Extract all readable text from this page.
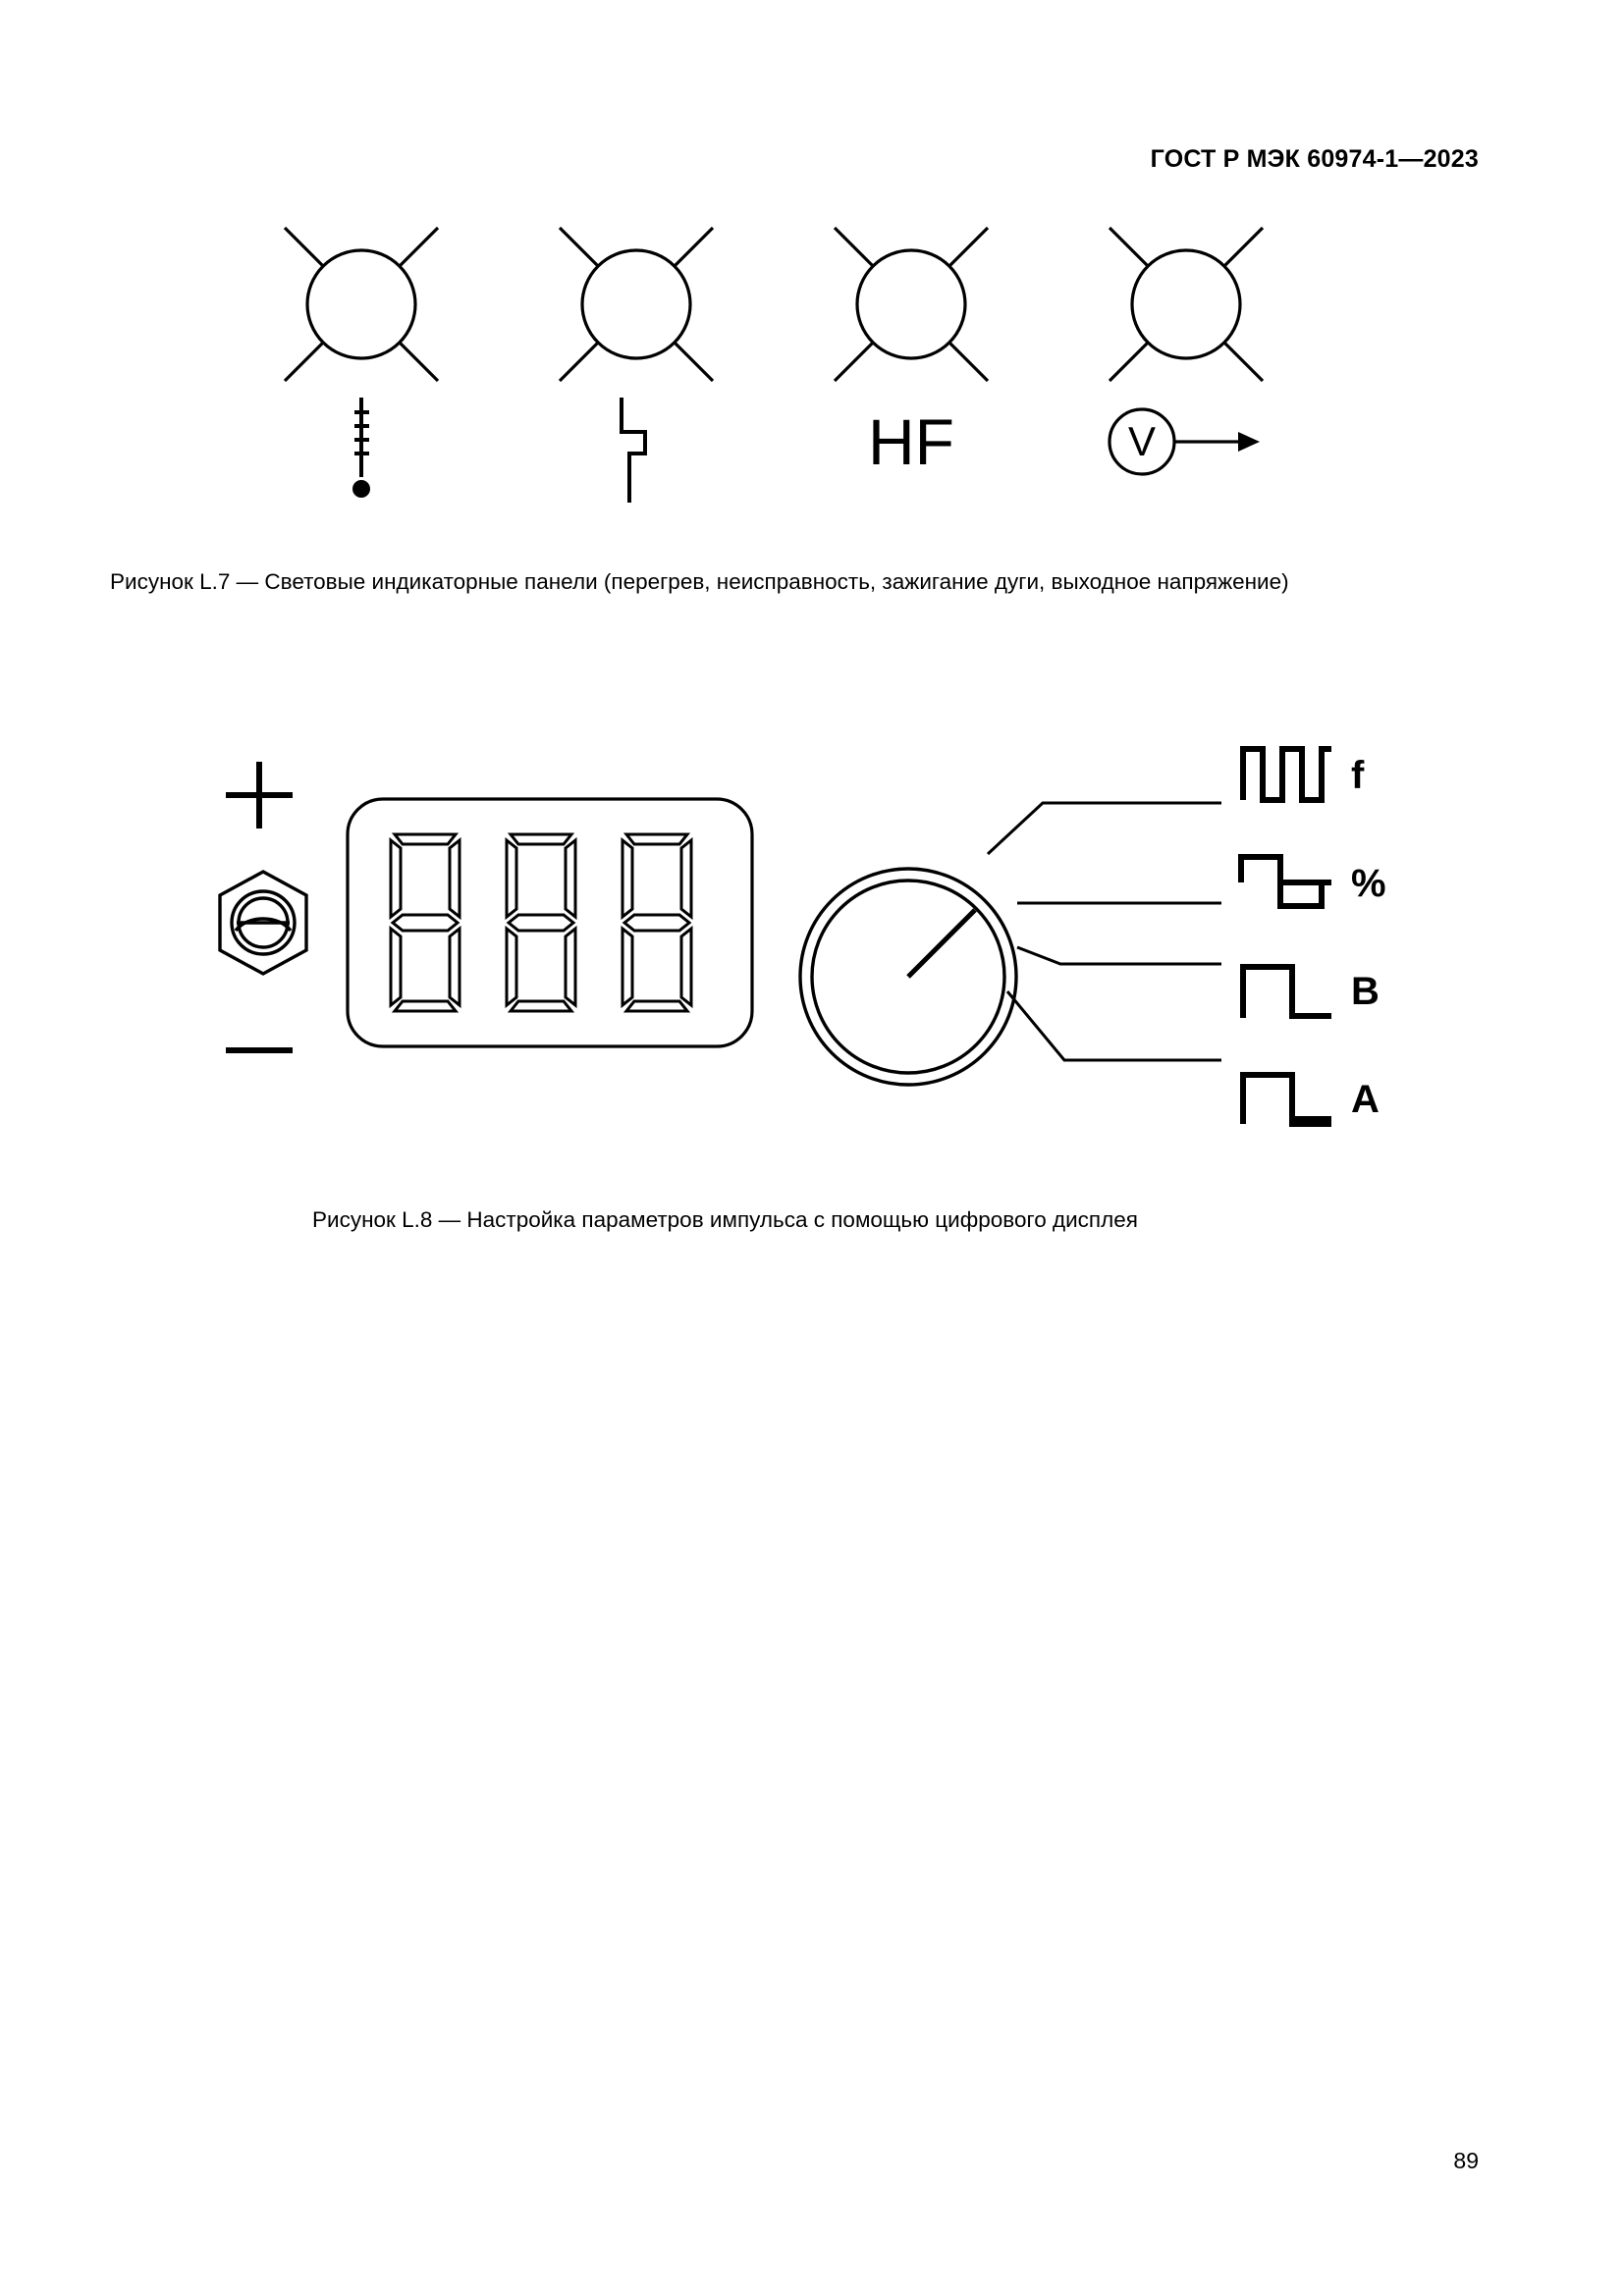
ГОСТ Р МЭК 60974-1—2023
HF	V
Рисунок L.7 — Световые индикаторные панели (перегрев, неисправность, зажигание дуги, выходное напряжение)
f
%
B
A
Рисунок L.8 — Настройка параметров импульса с помощью цифрового дисплея
89
